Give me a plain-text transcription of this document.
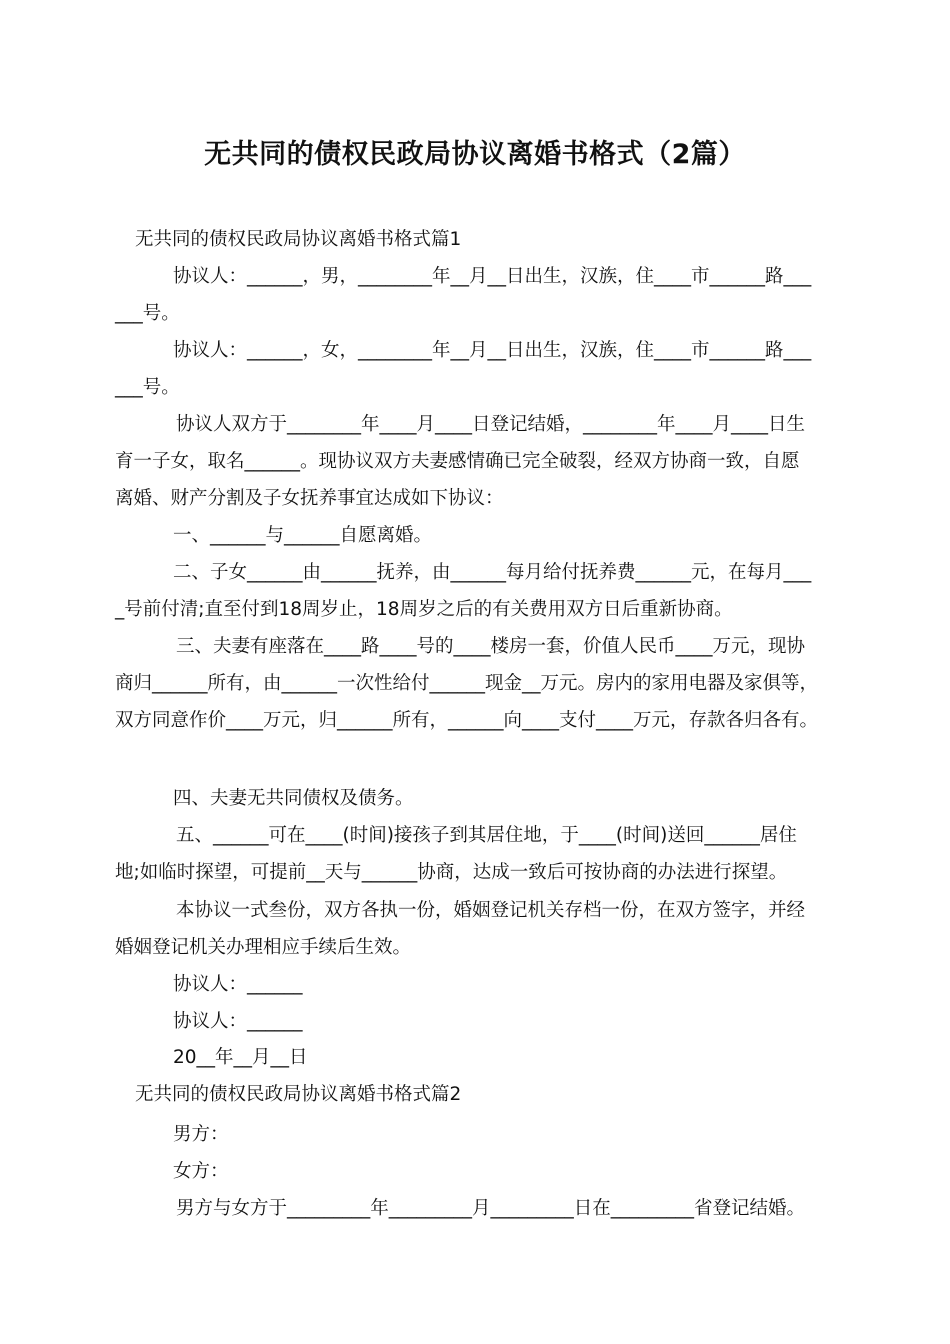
无共同的债权民政局协议离婚书格式（2篇）
无共同的债权民政局协议离婚书格式篇1
协议人：______，男，________年__月__日出生，汉族，住____市______路___
___号。
协议人：______，女，________年__月__日出生，汉族，住____市______路___
___号。
协议人双方于________年____月____日登记结婚，________年____月____日生
育一子女，取名______。现协议双方夫妻感情确已完全破裂，经双方协商一致，自愿
离婚、财产分割及子女抚养事宜达成如下协议：
一、______与______自愿离婚。
二、子女______由______抚养，由______每月给付抚养费______元，在每月___
_号前付清;直至付到18周岁止，18周岁之后的有关费用双方日后重新协商。
三、夫妻有座落在____路____号的____楼房一套，价值人民币____万元，现协
商归______所有，由______一次性给付______现金__万元。房内的家用电器及家俱等，
双方同意作价____万元，归______所有，______向____支付____万元，存款各归各有。
四、夫妻无共同债权及债务。
五、______可在____(时间)接孩子到其居住地，于____(时间)送回______居住
地;如临时探望，可提前__天与______协商，达成一致后可按协商的办法进行探望。
本协议一式叁份，双方各执一份，婚姻登记机关存档一份，在双方签字，并经
婚姻登记机关办理相应手续后生效。
协议人：______
协议人：______
20__年__月__日
无共同的债权民政局协议离婚书格式篇2
男方：
女方：
男方与女方于_________年_________月_________日在_________省登记结婚。
